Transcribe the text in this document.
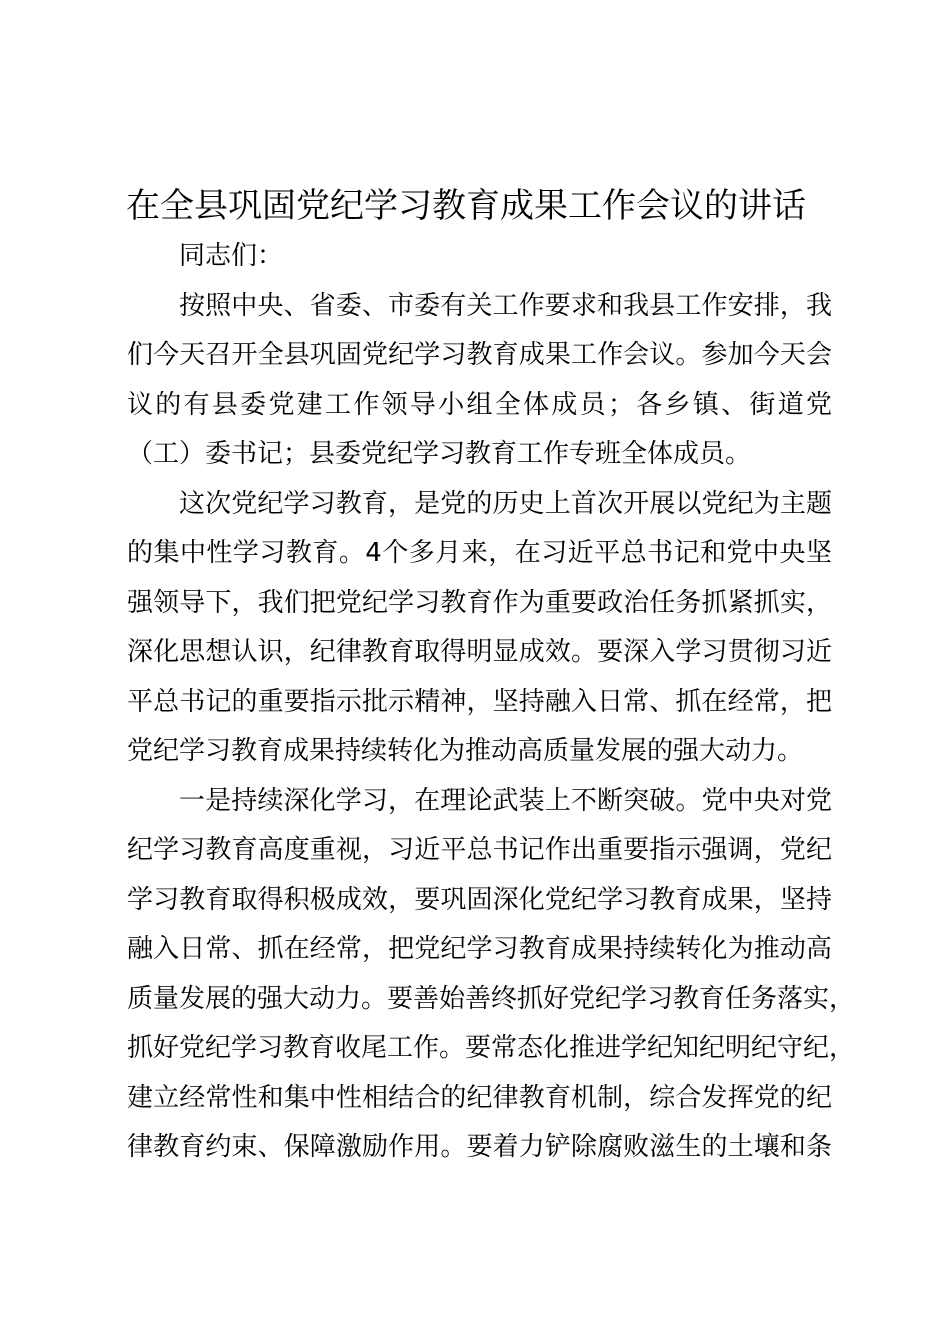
在全县巩固党纪学习教育成果工作会议的讲话
同志们：
按照中央、省委、市委有关工作要求和我县工作安排，我
们今天召开全县巩固党纪学习教育成果工作会议。参加今天会
议的有县委党建工作领导小组全体成员；各乡镇、街道党
（工）委书记；县委党纪学习教育工作专班全体成员。
这次党纪学习教育，是党的历史上首次开展以党纪为主题
的集中性学习教育。4个多月来，在习近平总书记和党中央坚
强领导下，我们把党纪学习教育作为重要政治任务抓紧抓实，
深化思想认识，纪律教育取得明显成效。要深入学习贯彻习近
平总书记的重要指示批示精神，坚持融入日常、抓在经常，把
党纪学习教育成果持续转化为推动高质量发展的强大动力。
一是持续深化学习，在理论武装上不断突破。党中央对党
纪学习教育高度重视，习近平总书记作出重要指示强调，党纪
学习教育取得积极成效，要巩固深化党纪学习教育成果，坚持
融入日常、抓在经常，把党纪学习教育成果持续转化为推动高
质量发展的强大动力。要善始善终抓好党纪学习教育任务落实，
抓好党纪学习教育收尾工作。要常态化推进学纪知纪明纪守纪，
建立经常性和集中性相结合的纪律教育机制，综合发挥党的纪
律教育约束、保障激励作用。要着力铲除腐败滋生的土壤和条
